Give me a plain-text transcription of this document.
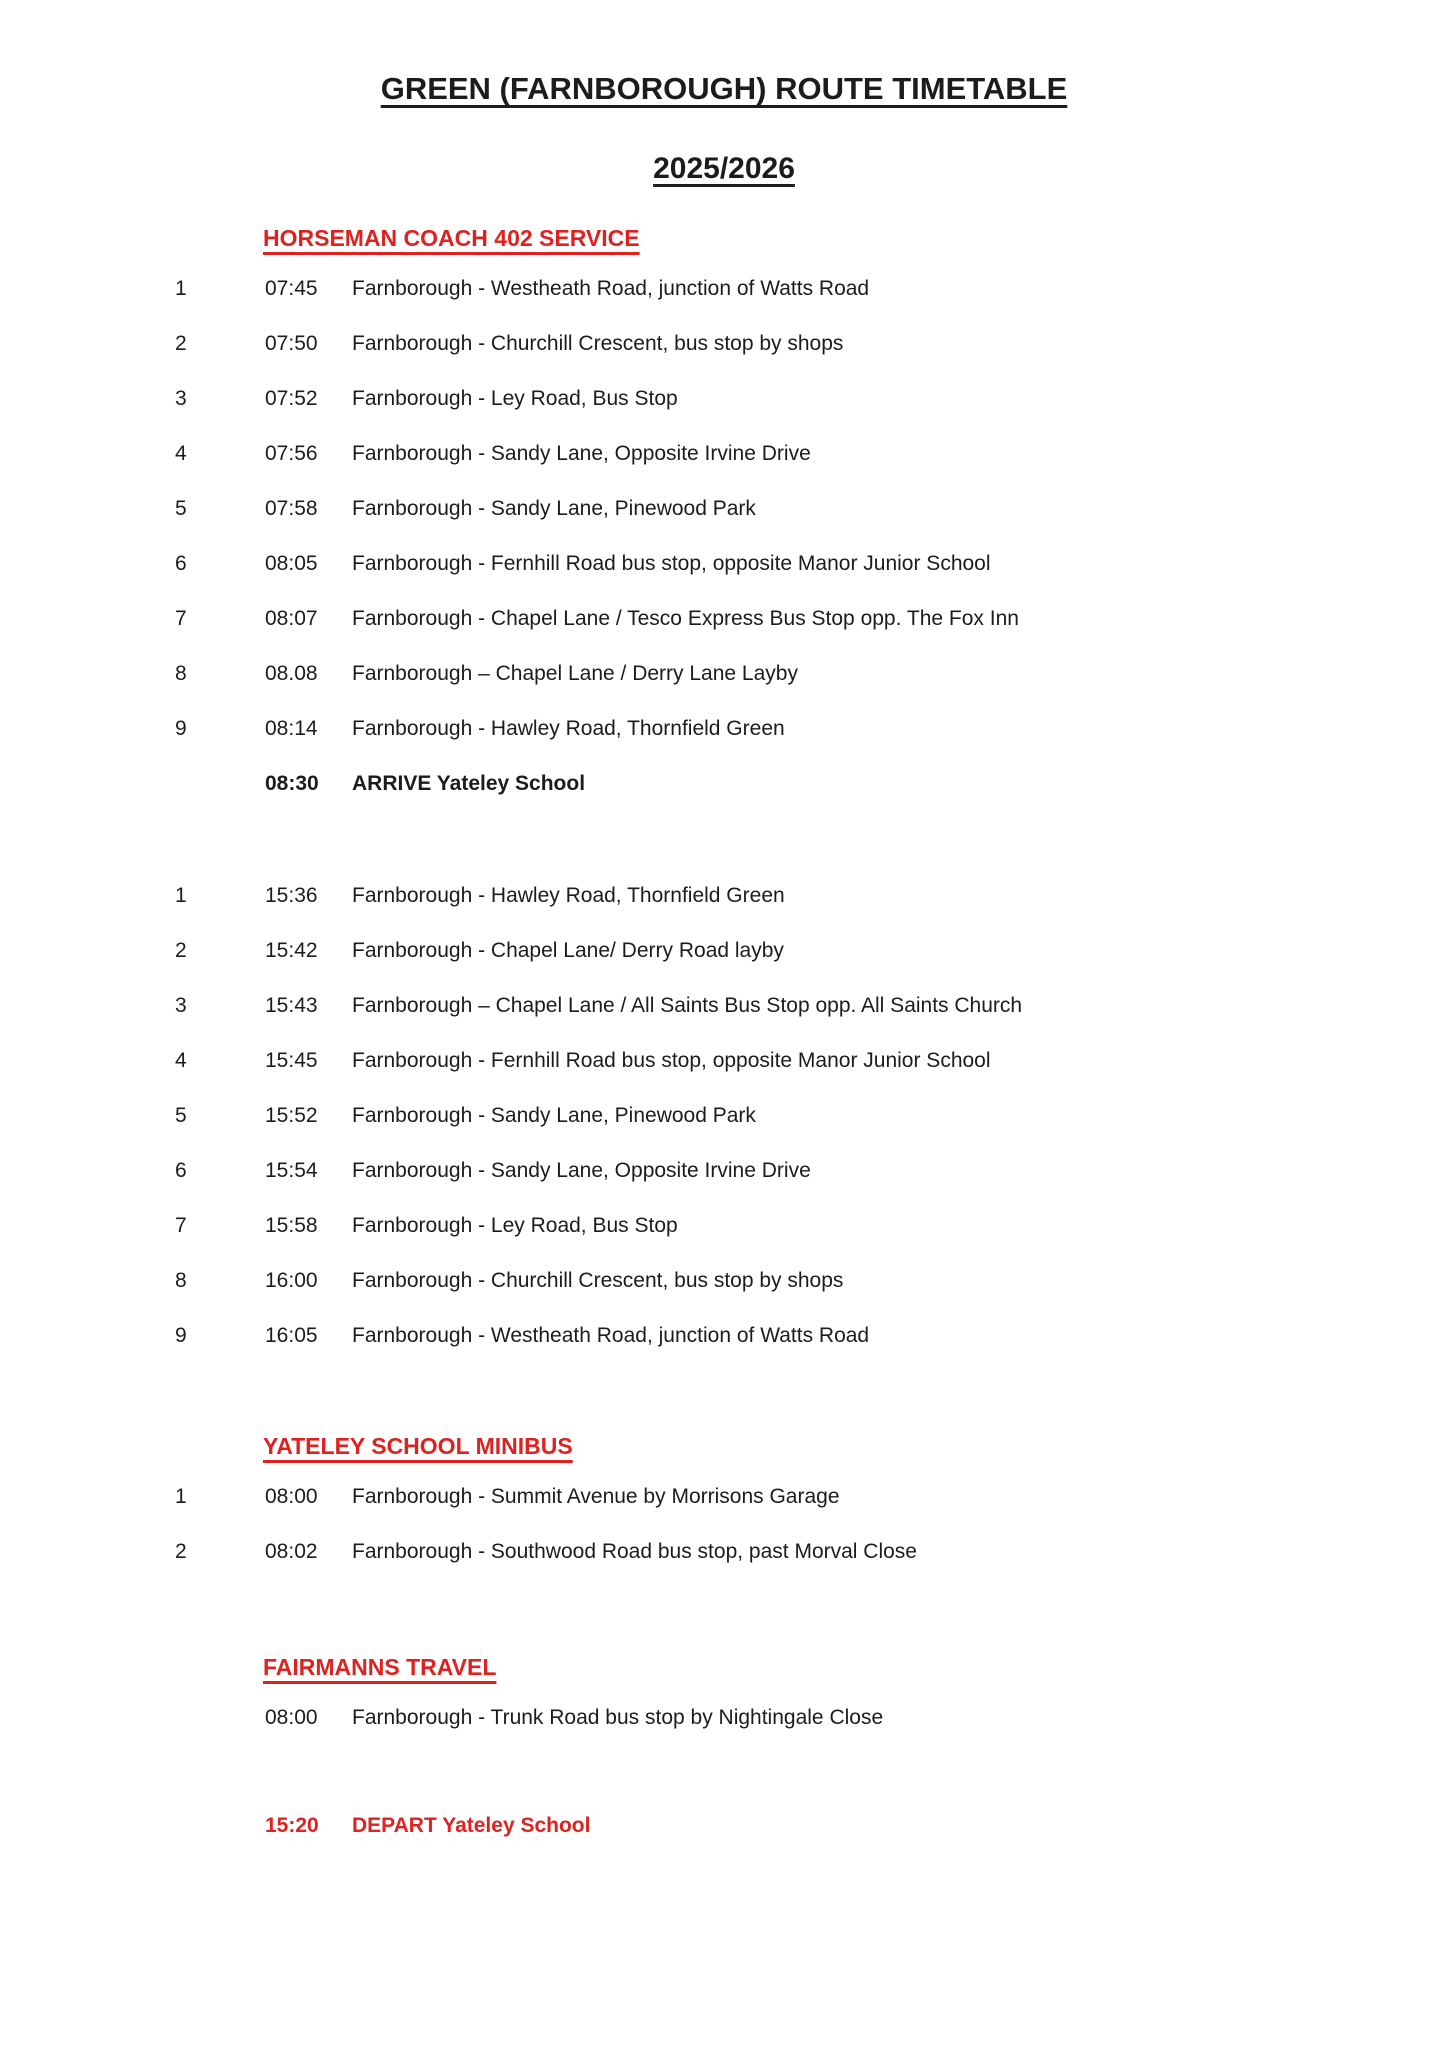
GREEN (FARNBOROUGH) ROUTE TIMETABLE
2025/2026
HORSEMAN COACH 402 SERVICE
1	07:45	Farnborough - Westheath Road, junction of Watts Road
2	07:50	Farnborough - Churchill Crescent, bus stop by shops
3	07:52	Farnborough - Ley Road, Bus Stop
4	07:56	Farnborough - Sandy Lane, Opposite Irvine Drive
5	07:58	Farnborough - Sandy Lane, Pinewood Park
6	08:05	Farnborough - Fernhill Road bus stop, opposite Manor Junior School
7	08:07	Farnborough - Chapel Lane / Tesco Express Bus Stop opp. The Fox Inn
8	08.08	Farnborough – Chapel Lane / Derry Lane Layby
9	08:14	Farnborough - Hawley Road, Thornfield Green
08:30	ARRIVE Yateley School
1	15:36	Farnborough - Hawley Road, Thornfield Green
2	15:42	Farnborough - Chapel Lane/ Derry Road layby
3	15:43	Farnborough – Chapel Lane / All Saints Bus Stop opp. All Saints Church
4	15:45	Farnborough - Fernhill Road bus stop, opposite Manor Junior School
5	15:52	Farnborough - Sandy Lane, Pinewood Park
6	15:54	Farnborough - Sandy Lane, Opposite Irvine Drive
7	15:58	Farnborough - Ley Road, Bus Stop
8	16:00	Farnborough - Churchill Crescent, bus stop by shops
9	16:05	Farnborough - Westheath Road, junction of Watts Road
YATELEY SCHOOL MINIBUS
1	08:00	Farnborough - Summit Avenue by Morrisons Garage
2	08:02	Farnborough - Southwood Road bus stop, past Morval Close
FAIRMANNS TRAVEL
08:00	Farnborough - Trunk Road bus stop by Nightingale Close
15:20	DEPART Yateley School
